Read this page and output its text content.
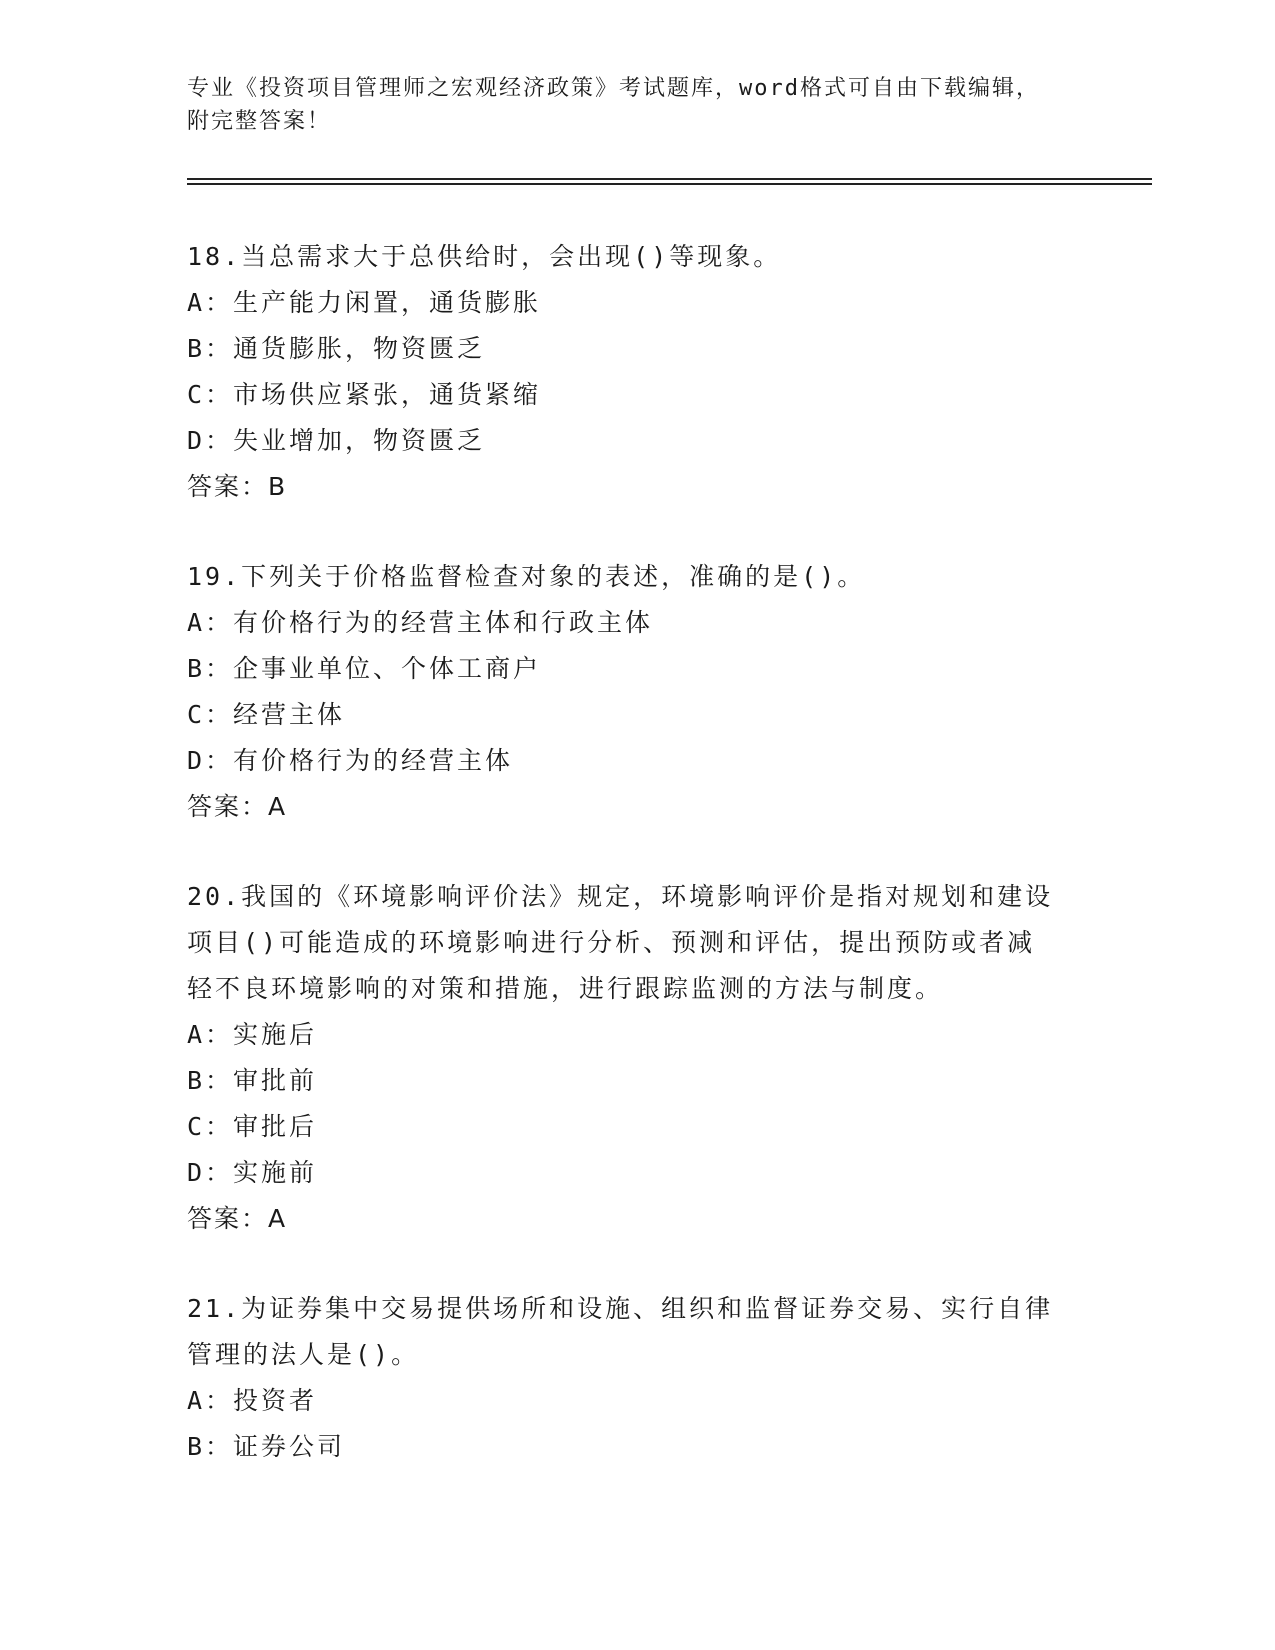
专业《投资项目管理师之宏观经济政策》考试题库，word格式可自由下载编辑，
附完整答案！

18.当总需求大于总供给时，会出现()等现象。

A：生产能力闲置，通货膨胀

B：通货膨胀，物资匮乏

C：市场供应紧张，通货紧缩

D：失业增加，物资匮乏

答案：B

19.下列关于价格监督检查对象的表述，准确的是()。

A：有价格行为的经营主体和行政主体

B：企事业单位、个体工商户

C：经营主体

D：有价格行为的经营主体

答案：A

20.我国的《环境影响评价法》规定，环境影响评价是指对规划和建设

项目()可能造成的环境影响进行分析、预测和评估，提出预防或者减

轻不良环境影响的对策和措施，进行跟踪监测的方法与制度。

A：实施后

B：审批前

C：审批后

D：实施前

答案：A

21.为证券集中交易提供场所和设施、组织和监督证券交易、实行自律

管理的法人是()。

A：投资者

B：证券公司
